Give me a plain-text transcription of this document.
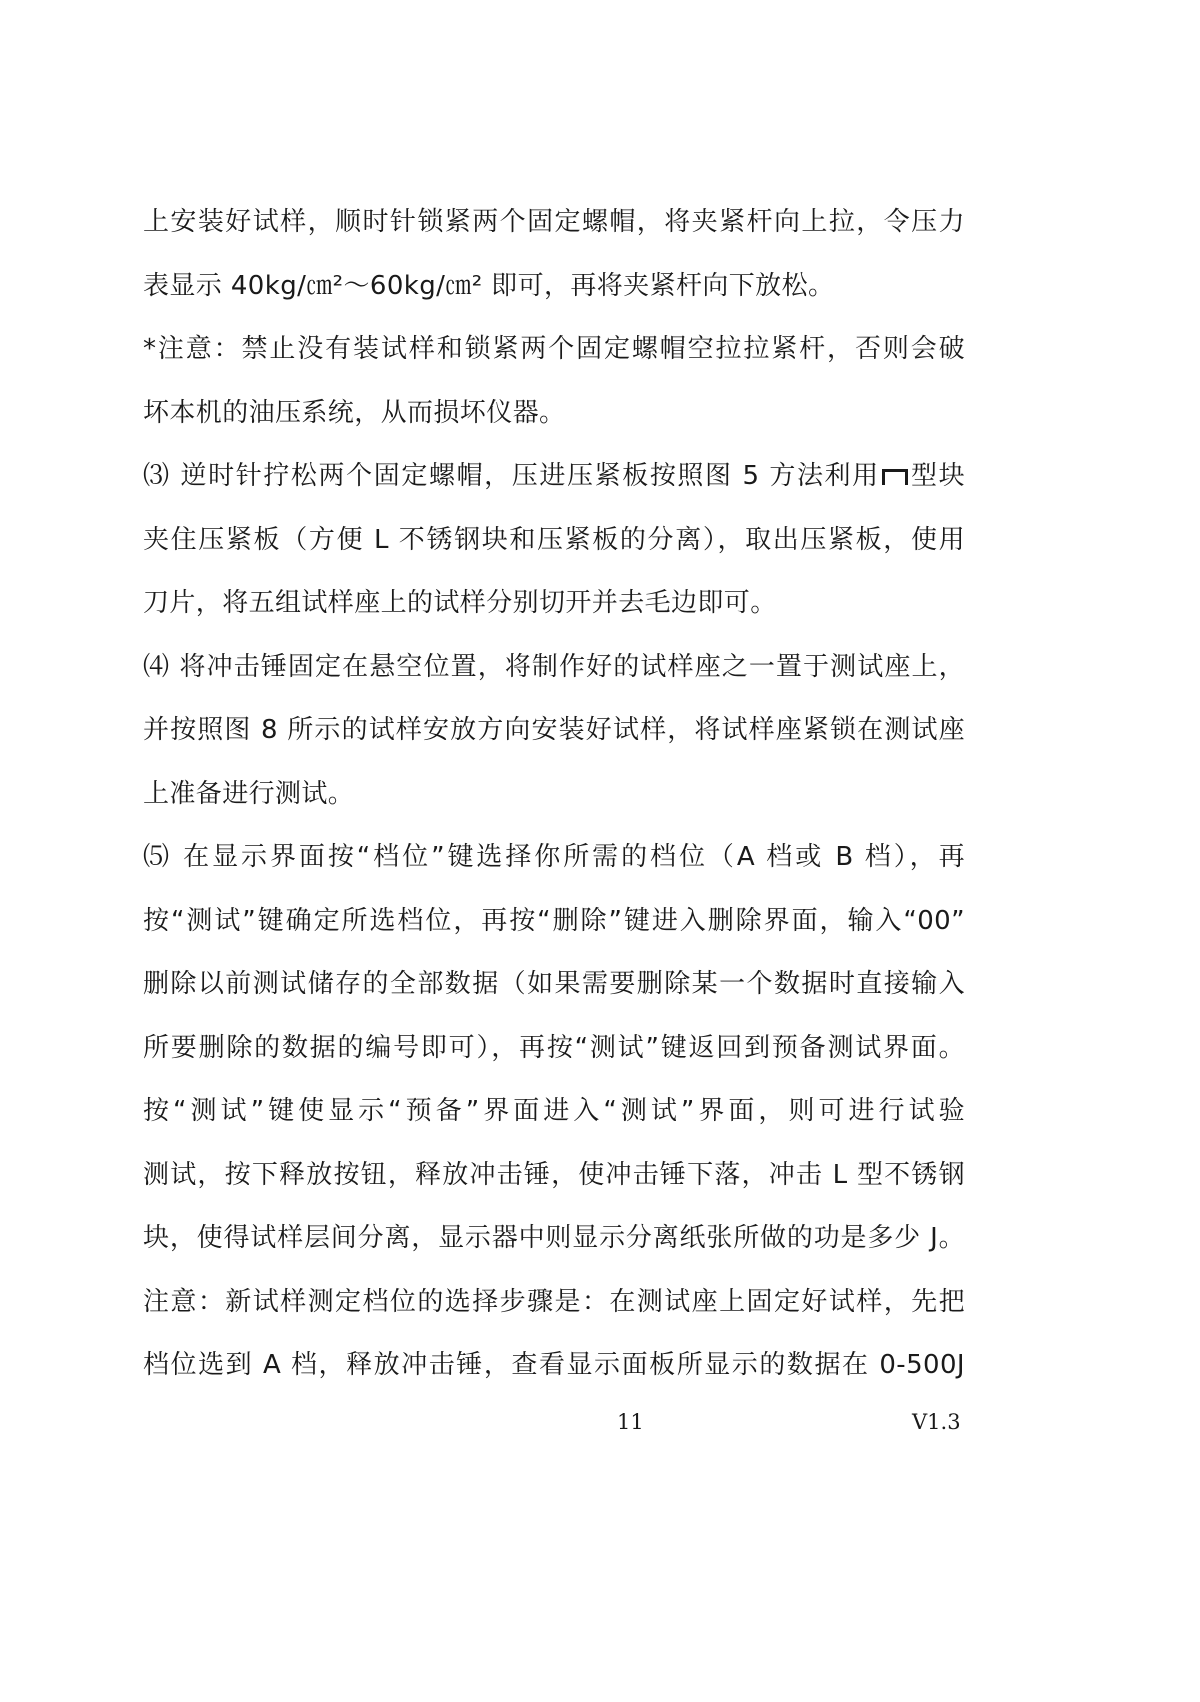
上安装好试样，顺时针锁紧两个固定螺帽，将夹紧杆向上拉，令压力
表显示 40kg/㎝²～60kg/㎝² 即可，再将夹紧杆向下放松。
*注意：禁止没有装试样和锁紧两个固定螺帽空拉拉紧杆，否则会破
坏本机的油压系统，从而损坏仪器。
⑶ 逆时针拧松两个固定螺帽，压进压紧板按照图 5 方法利用 型块
夹住压紧板（方便 L 不锈钢块和压紧板的分离），取出压紧板，使用
刀片，将五组试样座上的试样分别切开并去毛边即可。
⑷ 将冲击锤固定在悬空位置，将制作好的试样座之一置于测试座上，
并按照图 8 所示的试样安放方向安装好试样，将试样座紧锁在测试座
上准备进行测试。
⑸ 在显示界面按“档位”键选择你所需的档位（A 档或 B 档），再
按“测试”键确定所选档位，再按“删除”键进入删除界面，输入“00”
删除以前测试储存的全部数据（如果需要删除某一个数据时直接输入
所要删除的数据的编号即可），再按“测试”键返回到预备测试界面。
按“测试”键使显示“预备”界面进入“测试”界面，则可进行试验
测试，按下释放按钮，释放冲击锤，使冲击锤下落，冲击 L 型不锈钢
块，使得试样层间分离，显示器中则显示分离纸张所做的功是多少 J。
注意：新试样测定档位的选择步骤是：在测试座上固定好试样，先把
档位选到 A 档，释放冲击锤，查看显示面板所显示的数据在 0-500J
11	V1.3
